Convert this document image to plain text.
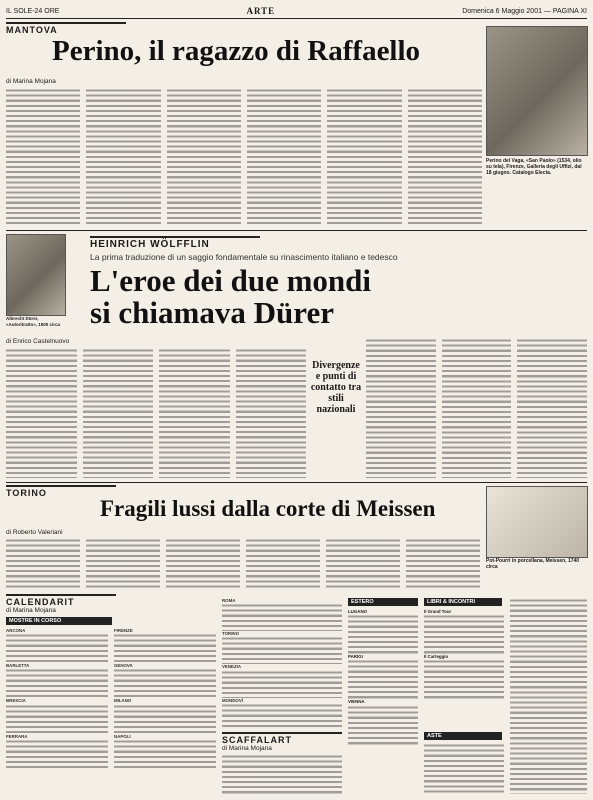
IL SOLE-24 ORE	ARTE	Domenica 6 Maggio 2001 — PAGINA XI
MANTOVA
Perino, il ragazzo di Raffaello
di Marina Mojana
Perino del Vaga, «San Paolo» (1534, olio su tela), Firenze, Galleria degli Uffizi, dal 18 giugno. Catalogo Electa.
Albrecht Dürer, «Autoritratto», 1500 circa
HEINRICH WÖLFFLIN
La prima traduzione di un saggio fondamentale su rinascimento italiano e tedesco
L'eroe dei due mondi
si chiamava Dürer
di Enrico Castelnuovo
Divergenze e punti di contatto tra stili nazionali
TORINO
Fragili lussi dalla corte di Meissen
di Roberto Valeriani
Pot-Pourri in porcellana, Meissen, 1740 circa
CALENDARIT
di Marina Mojana
MOSTRE IN CORSO
ANCONA
BARLETTA
BRESCIA
FERRARA
FIRENZE
GENOVA
MILANO
NAPOLI
ROMA
TORINO
VENEZIA
MONDOVÍ
SCAFFALART
di Marina Mojana
ESTERO
LUGANO
PARIGI
VIENNA
LIBRI & INCONTRI
Il Grand Tour
Il Carteggio
ASTE
